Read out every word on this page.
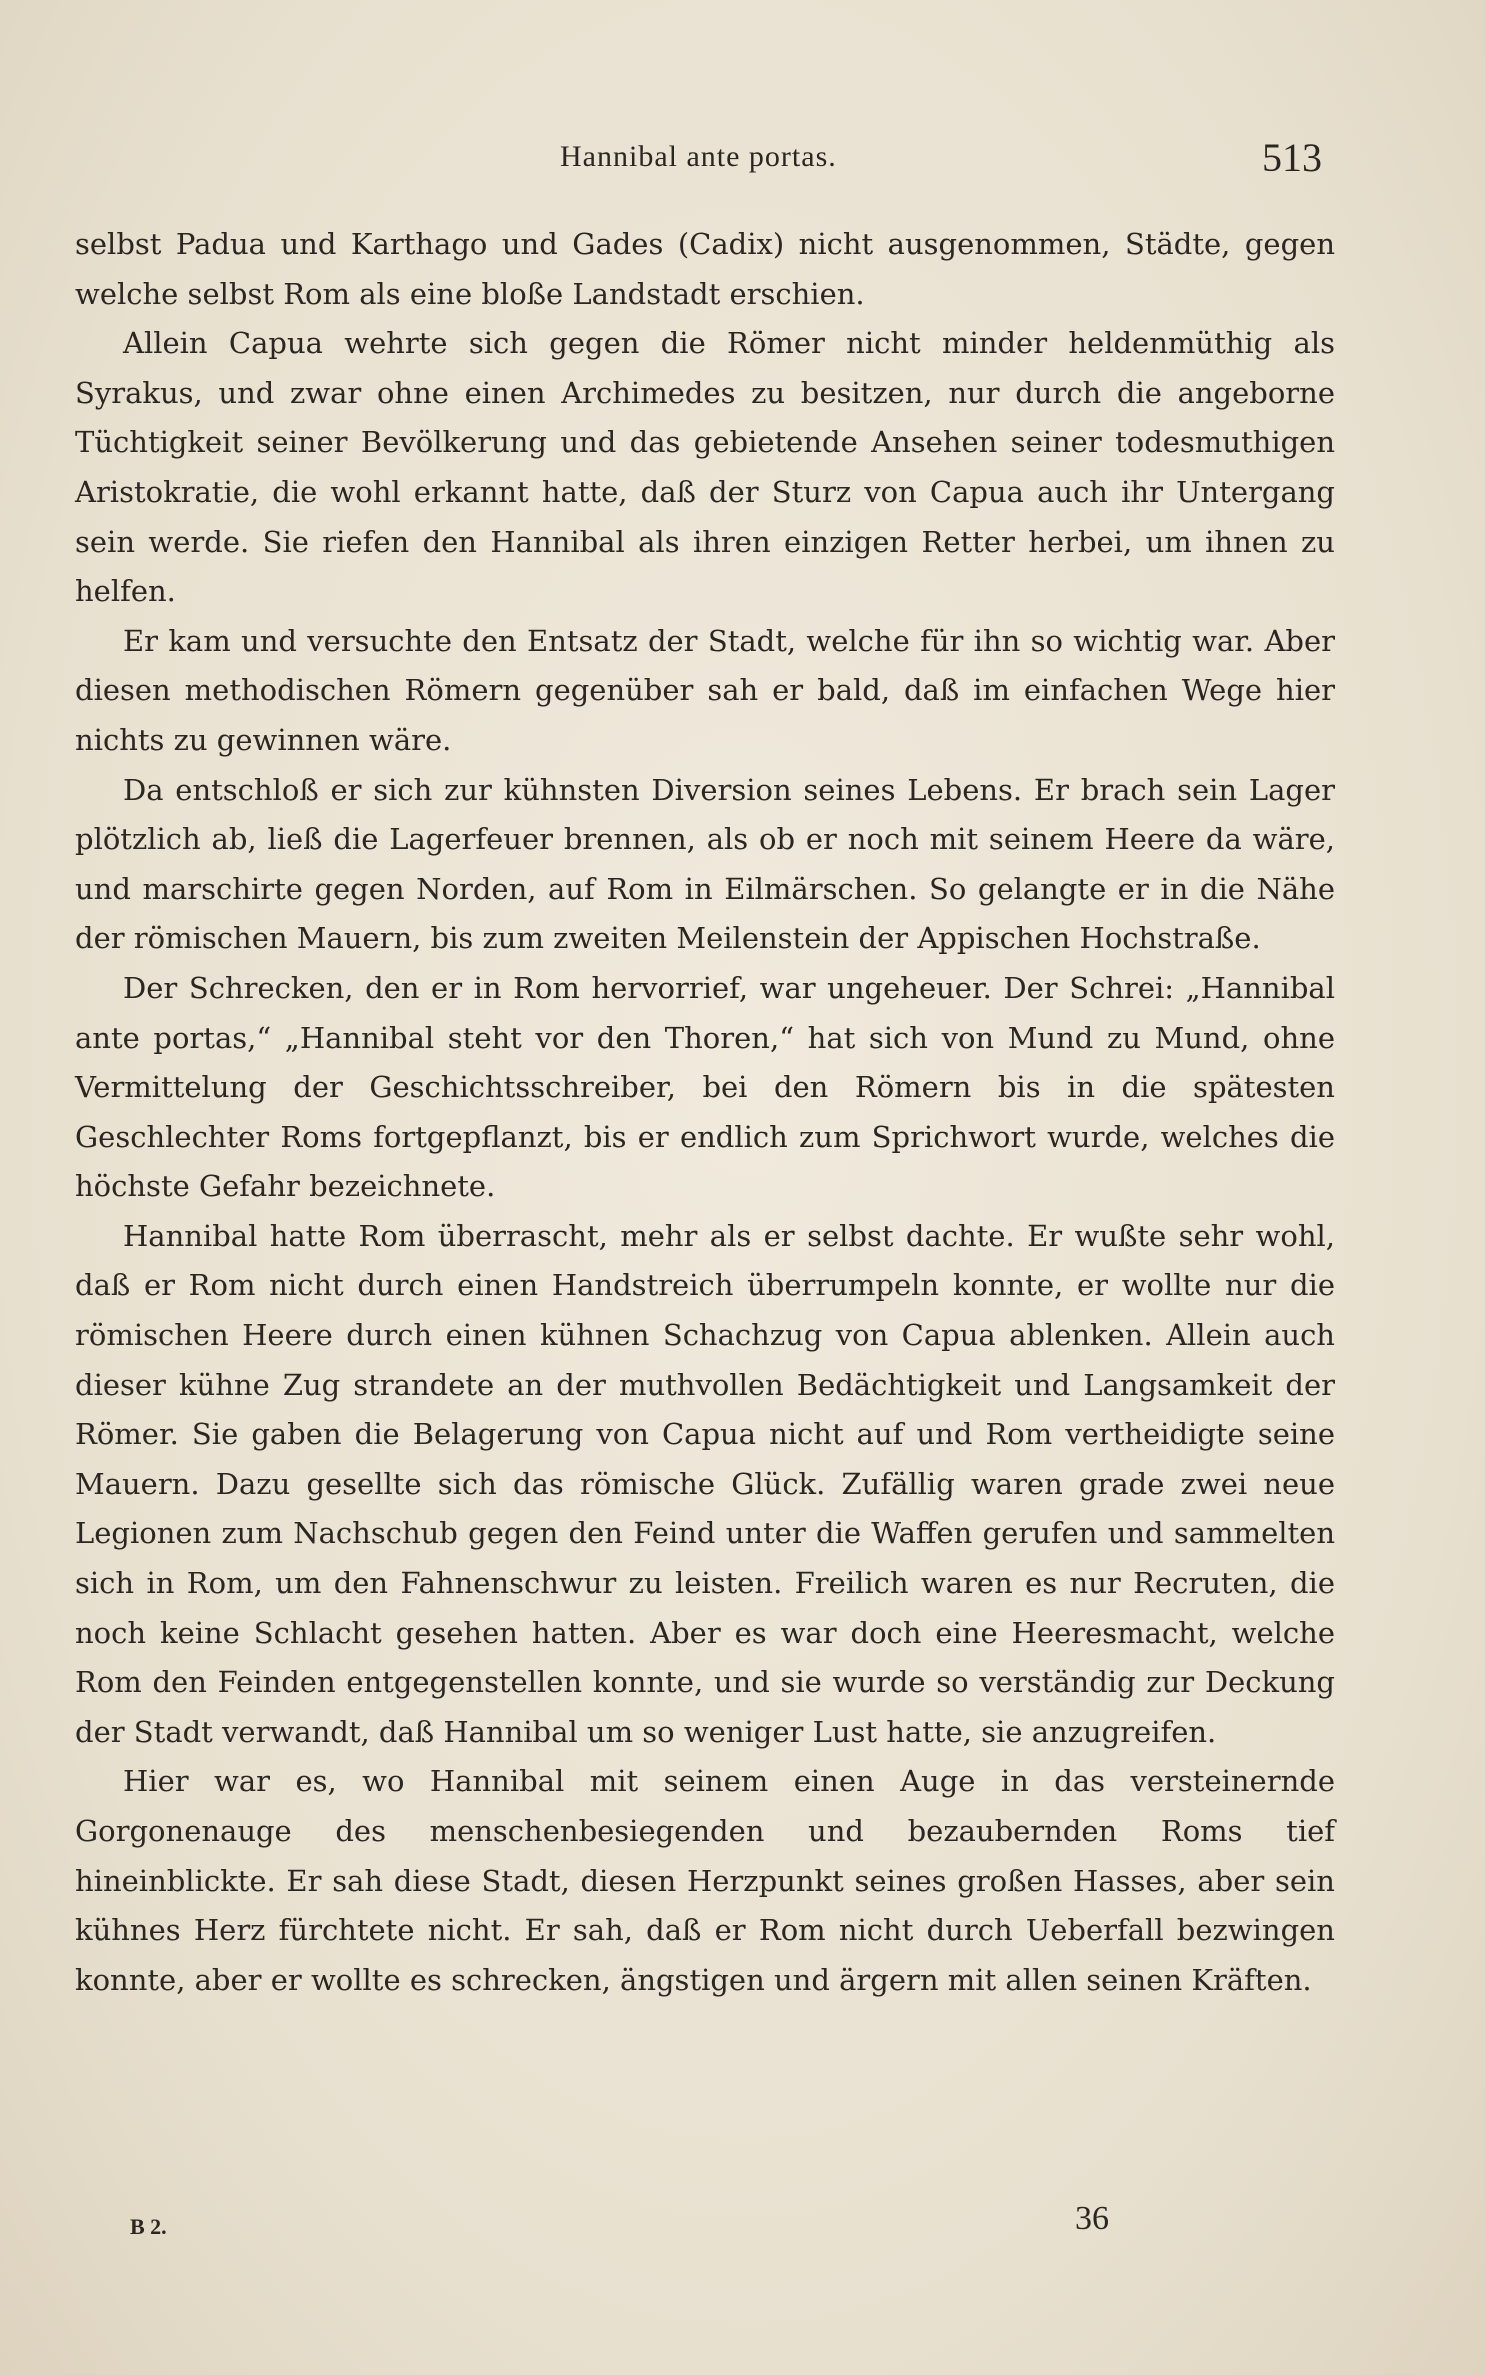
Hannibal ante portas.	513

selbst Padua und Karthago und Gades (Cadix) nicht ausgenommen, Städte, gegen welche selbst Rom als eine bloße Landstadt erschien.

Allein Capua wehrte sich gegen die Römer nicht minder heldenmüthig als Syrakus, und zwar ohne einen Archimedes zu besitzen, nur durch die angeborne Tüchtigkeit seiner Bevölkerung und das gebietende Ansehen seiner todesmuthigen Aristokratie, die wohl erkannt hatte, daß der Sturz von Capua auch ihr Untergang sein werde. Sie riefen den Hannibal als ihren einzigen Retter herbei, um ihnen zu helfen.

Er kam und versuchte den Entsatz der Stadt, welche für ihn so wichtig war. Aber diesen methodischen Römern gegenüber sah er bald, daß im einfachen Wege hier nichts zu gewinnen wäre.

Da entschloß er sich zur kühnsten Diversion seines Lebens. Er brach sein Lager plötzlich ab, ließ die Lagerfeuer brennen, als ob er noch mit seinem Heere da wäre, und marschirte gegen Norden, auf Rom in Eilmärschen. So gelangte er in die Nähe der römischen Mauern, bis zum zweiten Meilenstein der Appischen Hochstraße.

Der Schrecken, den er in Rom hervorrief, war ungeheuer. Der Schrei: „Hannibal ante portas,“ „Hannibal steht vor den Thoren,“ hat sich von Mund zu Mund, ohne Vermittelung der Geschichtsschreiber, bei den Römern bis in die spätesten Geschlechter Roms fortgepflanzt, bis er endlich zum Sprichwort wurde, welches die höchste Gefahr bezeichnete.

Hannibal hatte Rom überrascht, mehr als er selbst dachte. Er wußte sehr wohl, daß er Rom nicht durch einen Handstreich überrumpeln konnte, er wollte nur die römischen Heere durch einen kühnen Schachzug von Capua ablenken. Allein auch dieser kühne Zug strandete an der muthvollen Bedächtigkeit und Langsamkeit der Römer. Sie gaben die Belagerung von Capua nicht auf und Rom vertheidigte seine Mauern. Dazu gesellte sich das römische Glück. Zufällig waren grade zwei neue Legionen zum Nachschub gegen den Feind unter die Waffen gerufen und sammelten sich in Rom, um den Fahnenschwur zu leisten. Freilich waren es nur Recruten, die noch keine Schlacht gesehen hatten. Aber es war doch eine Heeresmacht, welche Rom den Feinden entgegenstellen konnte, und sie wurde so verständig zur Deckung der Stadt verwandt, daß Hannibal um so weniger Lust hatte, sie anzugreifen.

Hier war es, wo Hannibal mit seinem einen Auge in das versteinernde Gorgonenauge des menschenbesiegenden und bezaubernden Roms tief hineinblickte. Er sah diese Stadt, diesen Herzpunkt seines großen Hasses, aber sein kühnes Herz fürchtete nicht. Er sah, daß er Rom nicht durch Ueberfall bezwingen konnte, aber er wollte es schrecken, ängstigen und ärgern mit allen seinen Kräften.

B 2.	36
